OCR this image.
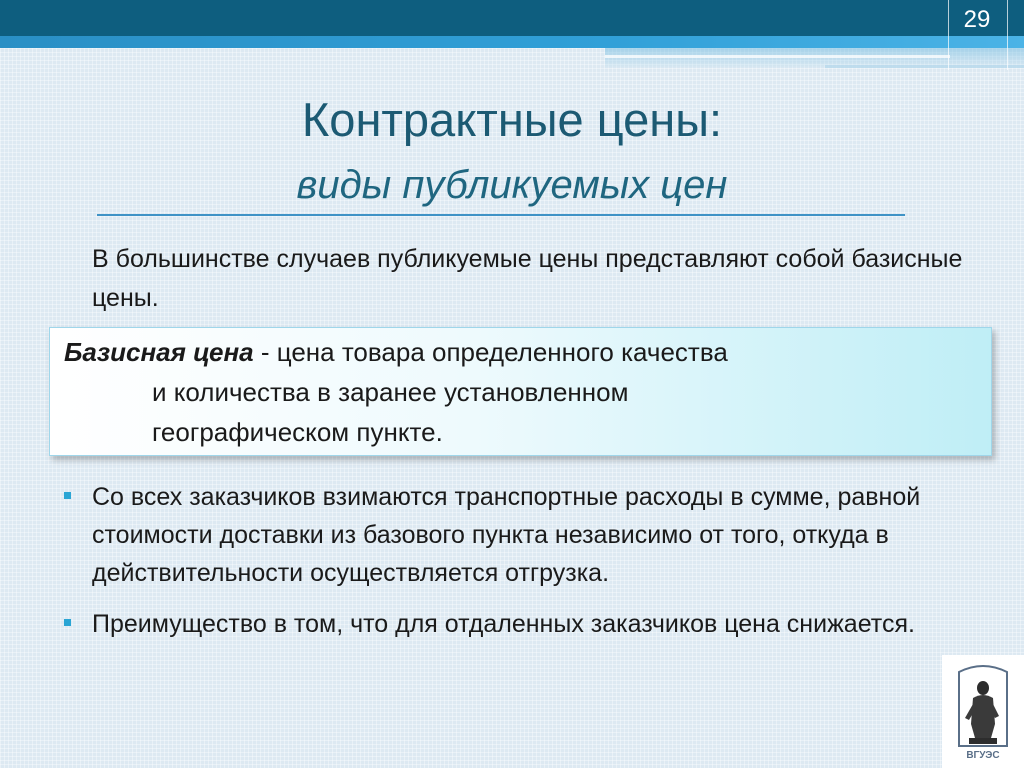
29
Контрактные цены:
виды публикуемых цен
В большинстве случаев публикуемые цены представляют собой базисные цены.
Базисная цена - цена товара определенного качества
и количества в заранее установленном
географическом пункте.
Со всех заказчиков взимаются транспортные расходы в сумме, равной стоимости доставки из базового пункта независимо от того, откуда в действительности осуществляется отгрузка.
Преимущество в том, что для отдаленных заказчиков цена снижается.
ВГУЭС
